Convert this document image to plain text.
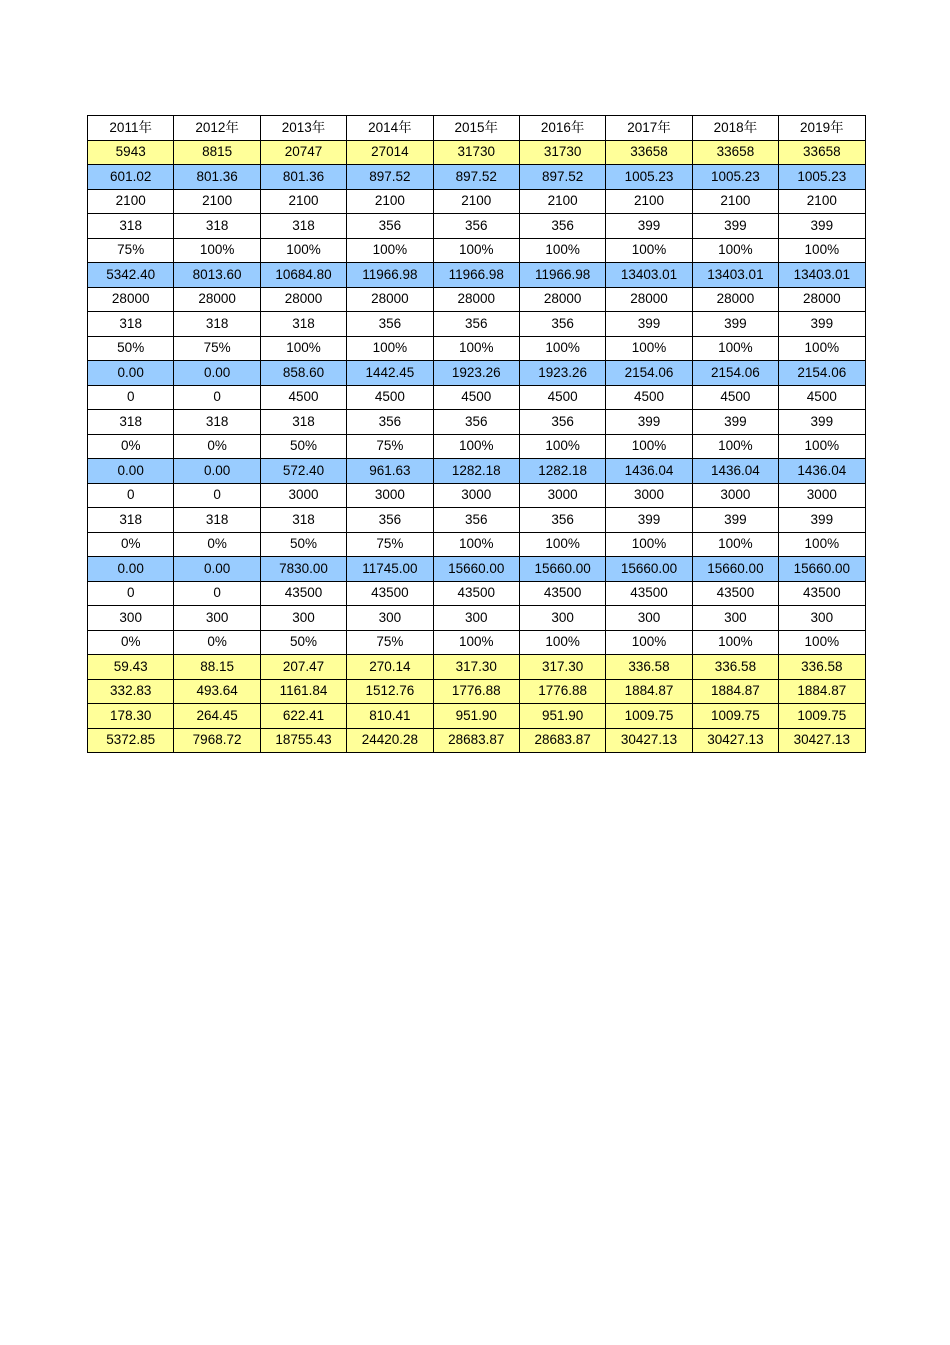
2011年	2012年	2013年	2014年	2015年	2016年	2017年	2018年	2019年
5943	8815	20747	27014	31730	31730	33658	33658	33658
601.02	801.36	801.36	897.52	897.52	897.52	1005.23	1005.23	1005.23
2100	2100	2100	2100	2100	2100	2100	2100	2100
318	318	318	356	356	356	399	399	399
75%	100%	100%	100%	100%	100%	100%	100%	100%
5342.40	8013.60	10684.80	11966.98	11966.98	11966.98	13403.01	13403.01	13403.01
28000	28000	28000	28000	28000	28000	28000	28000	28000
318	318	318	356	356	356	399	399	399
50%	75%	100%	100%	100%	100%	100%	100%	100%
0.00	0.00	858.60	1442.45	1923.26	1923.26	2154.06	2154.06	2154.06
0	0	4500	4500	4500	4500	4500	4500	4500
318	318	318	356	356	356	399	399	399
0%	0%	50%	75%	100%	100%	100%	100%	100%
0.00	0.00	572.40	961.63	1282.18	1282.18	1436.04	1436.04	1436.04
0	0	3000	3000	3000	3000	3000	3000	3000
318	318	318	356	356	356	399	399	399
0%	0%	50%	75%	100%	100%	100%	100%	100%
0.00	0.00	7830.00	11745.00	15660.00	15660.00	15660.00	15660.00	15660.00
0	0	43500	43500	43500	43500	43500	43500	43500
300	300	300	300	300	300	300	300	300
0%	0%	50%	75%	100%	100%	100%	100%	100%
59.43	88.15	207.47	270.14	317.30	317.30	336.58	336.58	336.58
332.83	493.64	1161.84	1512.76	1776.88	1776.88	1884.87	1884.87	1884.87
178.30	264.45	622.41	810.41	951.90	951.90	1009.75	1009.75	1009.75
5372.85	7968.72	18755.43	24420.28	28683.87	28683.87	30427.13	30427.13	30427.13
